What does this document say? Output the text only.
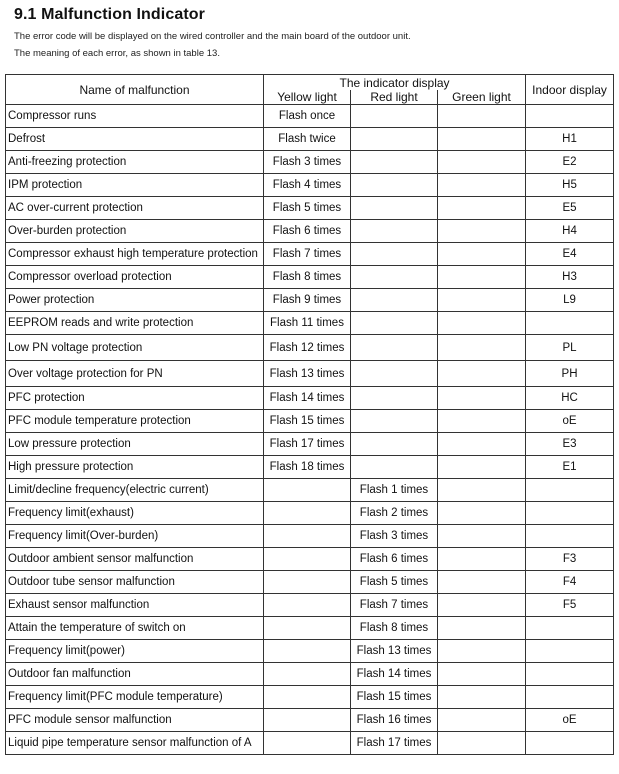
9.1 Malfunction Indicator
The error code will be displayed on the wired controller and the main board of the outdoor unit.
The meaning of each error, as shown in table 13.
Name of malfunction	The indicator display			Indoor display
	Yellow light	Red light	Green light	
Compressor runs	Flash once			
Defrost	Flash twice			H1
Anti-freezing protection	Flash 3 times			E2
IPM protection	Flash 4 times			H5
AC over-current protection	Flash 5 times			E5
Over-burden protection	Flash 6 times			H4
Compressor exhaust high temperature protection	Flash 7 times			E4
Compressor overload protection	Flash 8 times			H3
Power protection	Flash 9 times			L9
EEPROM reads and write protection	Flash 11 times			
Low PN voltage protection	Flash 12 times			PL
Over voltage protection for PN	Flash 13 times			PH
PFC protection	Flash 14 times			HC
PFC module temperature protection	Flash 15 times			oE
Low pressure protection	Flash 17 times			E3
High pressure protection	Flash 18 times			E1
Limit/decline frequency(electric current)		Flash 1 times		
Frequency limit(exhaust)		Flash 2 times		
Frequency limit(Over-burden)		Flash 3 times		
Outdoor ambient sensor malfunction		Flash 6 times		F3
Outdoor tube sensor malfunction		Flash 5 times		F4
Exhaust sensor malfunction		Flash 7 times		F5
Attain the temperature of switch on		Flash 8 times		
Frequency limit(power)		Flash 13 times		
Outdoor fan malfunction		Flash 14 times		
Frequency limit(PFC module temperature)		Flash 15 times		
PFC module sensor malfunction		Flash 16 times		oE
Liquid pipe temperature sensor malfunction of A		Flash 17 times		
